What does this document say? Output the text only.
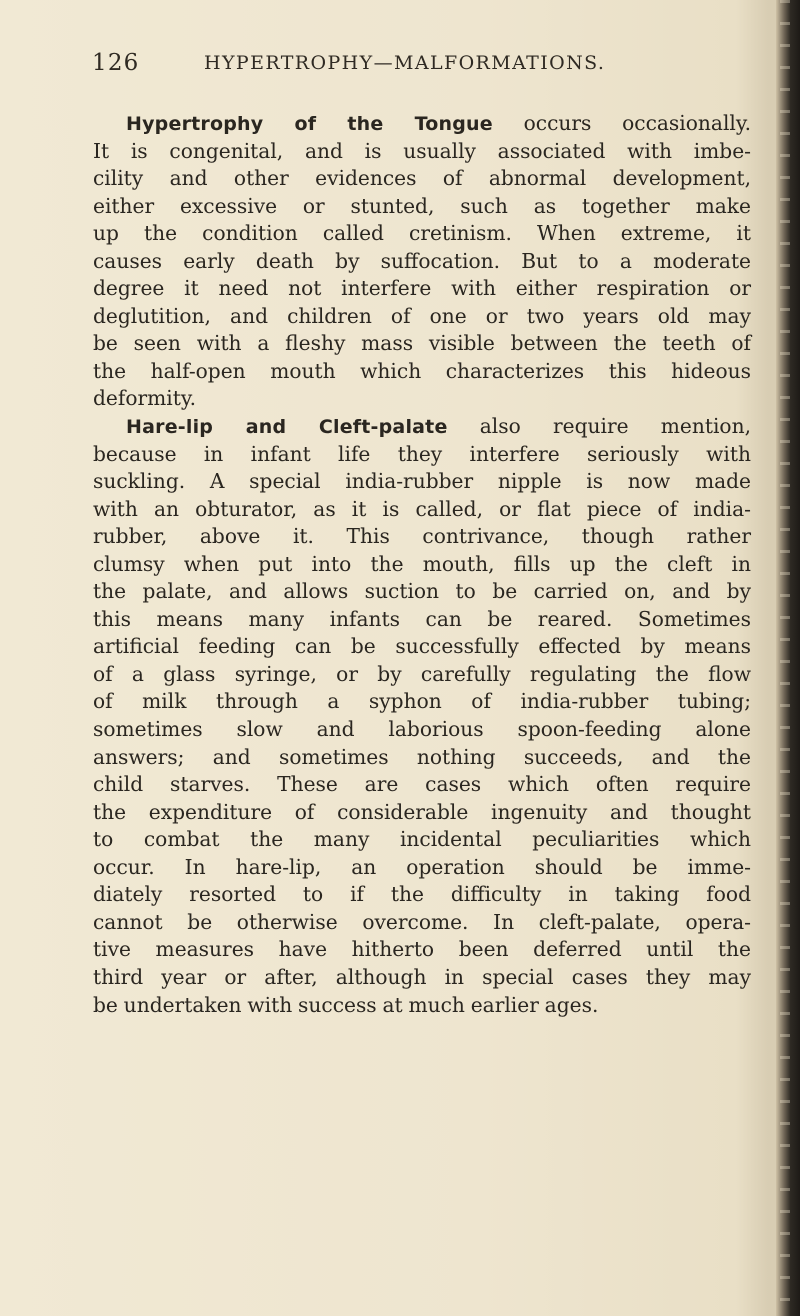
126	HYPERTROPHY—MALFORMATIONS.
Hypertrophy of the Tongue occurs occasionally.
It is congenital, and is usually associated with imbe-
cility and other evidences of abnormal development,
either excessive or stunted, such as together make
up the condition called cretinism. When extreme, it
causes early death by suffocation. But to a moderate
degree it need not interfere with either respiration or
deglutition, and children of one or two years old may
be seen with a fleshy mass visible between the teeth of
the half-open mouth which characterizes this hideous
deformity.
Hare-lip and Cleft-palate also require mention,
because in infant life they interfere seriously with
suckling. A special india-rubber nipple is now made
with an obturator, as it is called, or flat piece of india-
rubber, above it. This contrivance, though rather
clumsy when put into the mouth, fills up the cleft in
the palate, and allows suction to be carried on, and by
this means many infants can be reared. Sometimes
artificial feeding can be successfully effected by means
of a glass syringe, or by carefully regulating the flow
of milk through a syphon of india-rubber tubing;
sometimes slow and laborious spoon-feeding alone
answers; and sometimes nothing succeeds, and the
child starves. These are cases which often require
the expenditure of considerable ingenuity and thought
to combat the many incidental peculiarities which
occur. In hare-lip, an operation should be imme-
diately resorted to if the difficulty in taking food
cannot be otherwise overcome. In cleft-palate, opera-
tive measures have hitherto been deferred until the
third year or after, although in special cases they may
be undertaken with success at much earlier ages.
